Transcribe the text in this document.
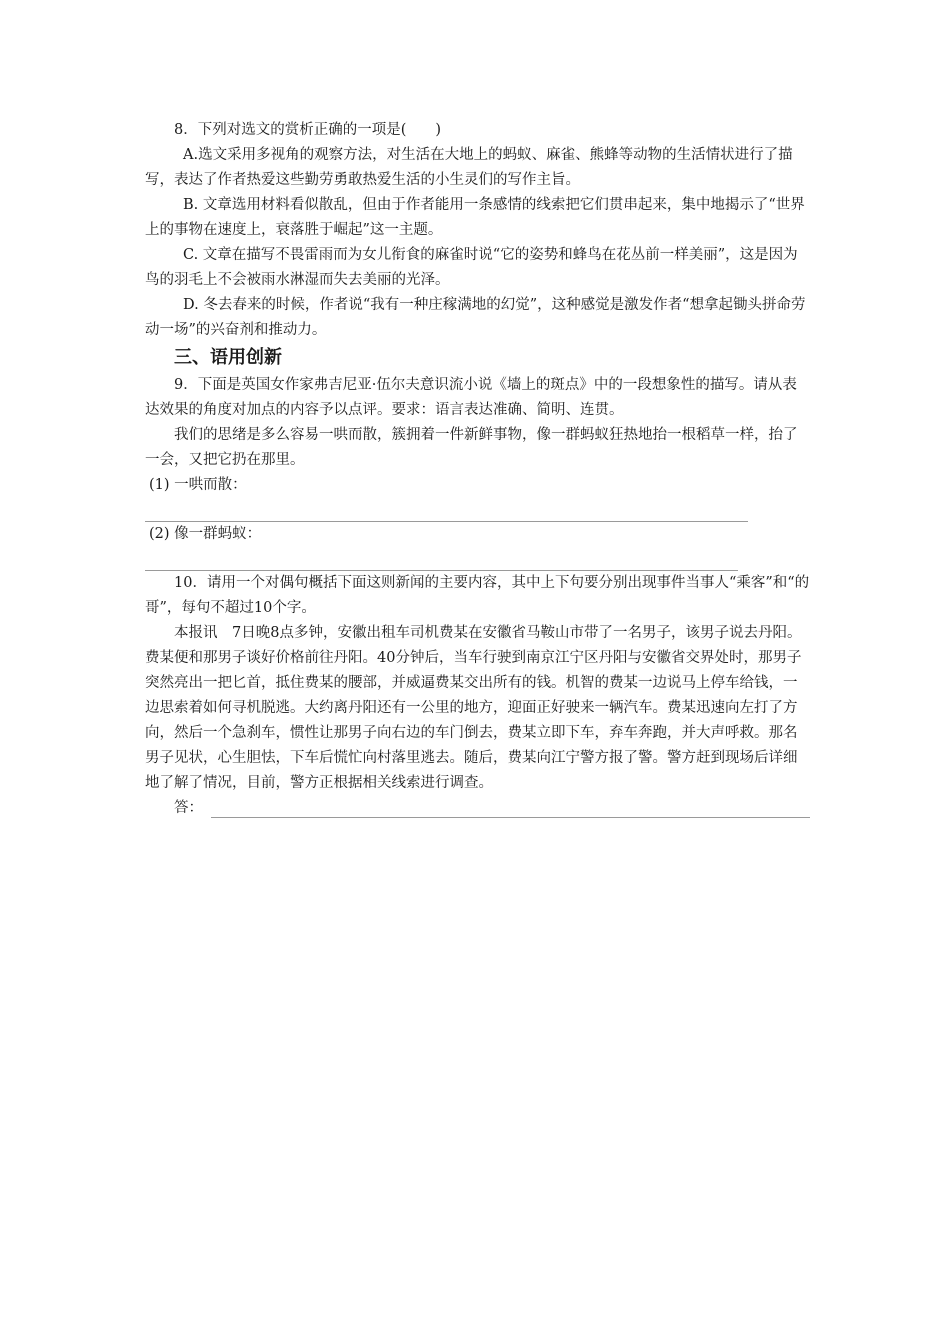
8．下列对选文的赏析正确的一项是(　　)

A.选文采用多视角的观察方法，对生活在大地上的蚂蚁、麻雀、熊蜂等动物的生活情状进行了描写，表达了作者热爱这些勤劳勇敢热爱生活的小生灵们的写作主旨。

B. 文章选用材料看似散乱，但由于作者能用一条感情的线索把它们贯串起来，集中地揭示了“世界上的事物在速度上，衰落胜于崛起”这一主题。

C. 文章在描写不畏雷雨而为女儿衔食的麻雀时说“它的姿势和蜂鸟在花丛前一样美丽”，这是因为鸟的羽毛上不会被雨水淋湿而失去美丽的光泽。

D. 冬去春来的时候，作者说“我有一种庄稼满地的幻觉”，这种感觉是激发作者“想拿起锄头拼命劳动一场”的兴奋剂和推动力。

三、语用创新

9．下面是英国女作家弗吉尼亚·伍尔夫意识流小说《墙上的斑点》中的一段想象性的描写。请从表达效果的角度对加点的内容予以点评。要求：语言表达准确、简明、连贯。

我们的思绪是多么容易一哄而散，簇拥着一件新鲜事物，像一群蚂蚁狂热地抬一根稻草一样，抬了一会，又把它扔在那里。

(1) 一哄而散：

(2) 像一群蚂蚁：

10．请用一个对偶句概括下面这则新闻的主要内容，其中上下句要分别出现事件当事人“乘客”和“的哥”，每句不超过10个字。

本报讯　7日晚8点多钟，安徽出租车司机费某在安徽省马鞍山市带了一名男子，该男子说去丹阳。费某便和那男子谈好价格前往丹阳。40分钟后，当车行驶到南京江宁区丹阳与安徽省交界处时，那男子突然亮出一把匕首，抵住费某的腰部，并威逼费某交出所有的钱。机智的费某一边说马上停车给钱，一边思索着如何寻机脱逃。大约离丹阳还有一公里的地方，迎面正好驶来一辆汽车。费某迅速向左打了方向，然后一个急刹车，惯性让那男子向右边的车门倒去，费某立即下车，弃车奔跑，并大声呼救。那名男子见状，心生胆怯，下车后慌忙向村落里逃去。随后，费某向江宁警方报了警。警方赶到现场后详细地了解了情况，目前，警方正根据相关线索进行调查。

答：
